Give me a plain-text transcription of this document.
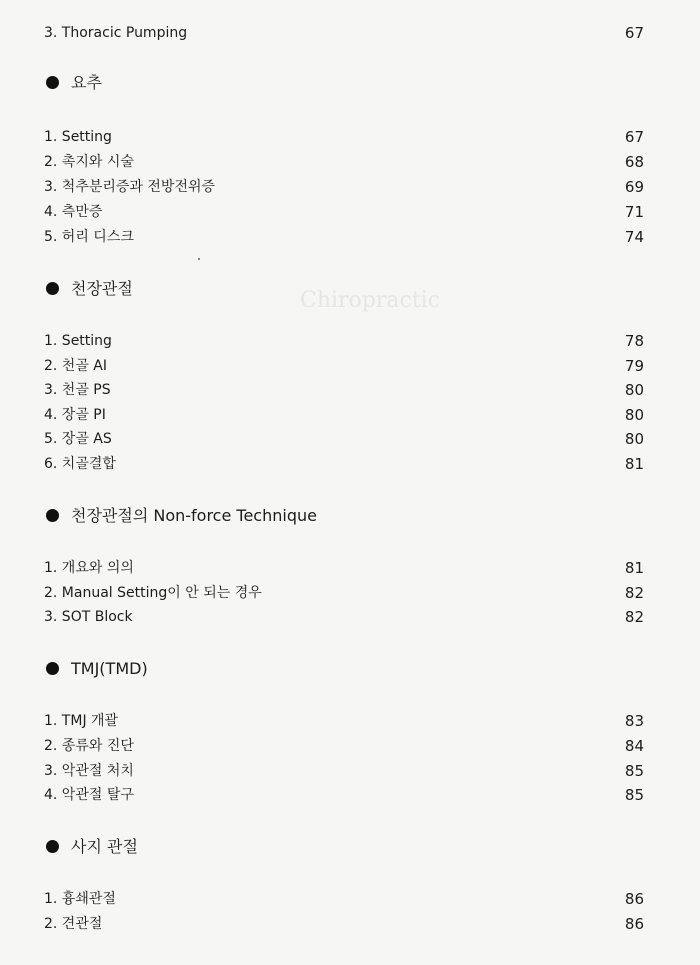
Chiropractic
3. Thoracic Pumping	67
요추
1. Setting	67
2. 촉지와 시술	68
3. 척추분리증과 전방전위증	69
4. 측만증	71
5. 허리 디스크	74
천장관절
1. Setting	78
2. 천골 AI	79
3. 천골 PS	80
4. 장골 PI	80
5. 장골 AS	80
6. 치골결합	81
천장관절의 Non-force Technique
1. 개요와 의의	81
2. Manual Setting이 안 되는 경우	82
3. SOT Block	82
TMJ(TMD)
1. TMJ 개괄	83
2. 종류와 진단	84
3. 악관절 처치	85
4. 악관절 탈구	85
사지 관절
1. 흉쇄관절	86
2. 견관절	86
